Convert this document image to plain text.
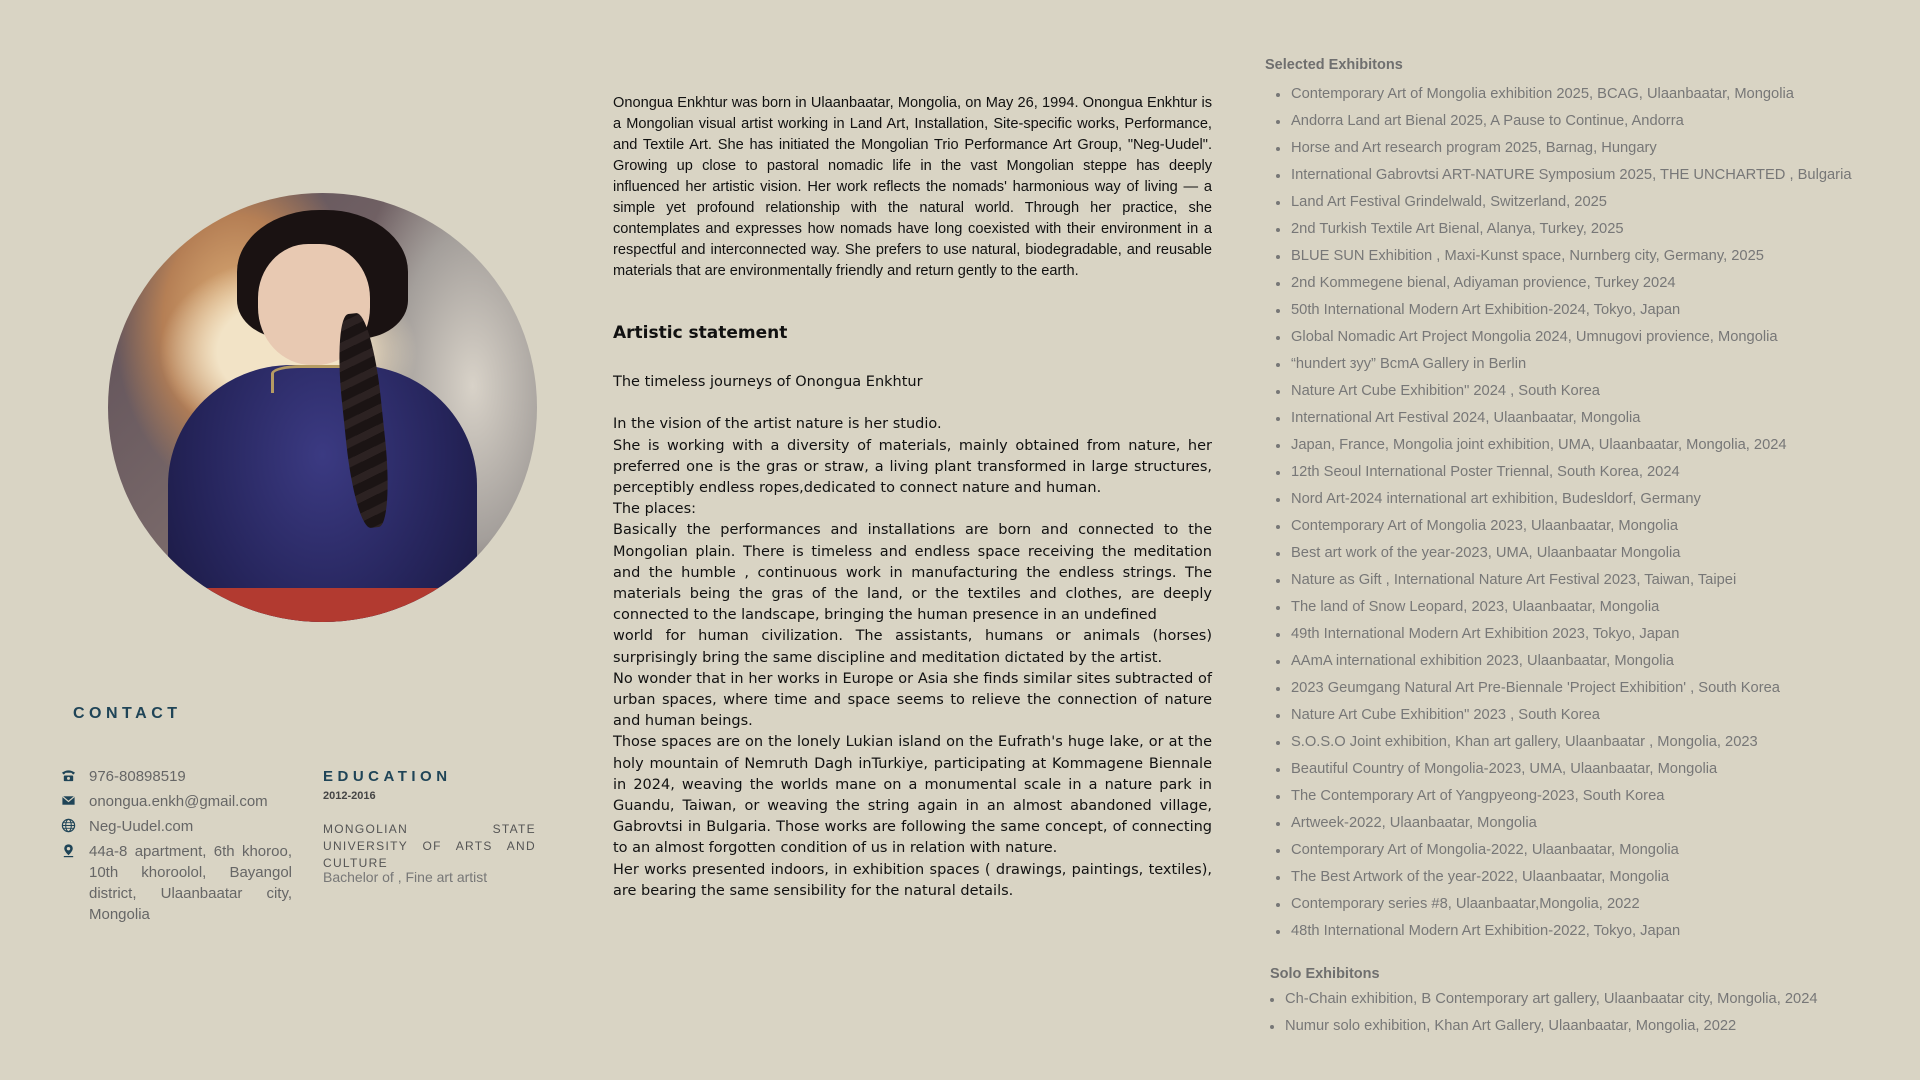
CONTACT
976-80898519
onongua.enkh@gmail.com
Neg-Uudel.com
44a-8 apartment, 6th khoroo, 10th khoroolol, Bayangol district, Ulaanbaatar city, Mongolia
EDUCATION
2012-2016
MONGOLIAN STATE UNIVERSITY OF ARTS AND CULTURE
Bachelor of , Fine art artist
Onongua Enkhtur was born in Ulaanbaatar, Mongolia, on May 26, 1994. Onongua Enkhtur is a Mongolian visual artist working in Land Art, Installation, Site-specific works, Performance, and Textile Art. She has initiated the Mongolian Trio Performance Art Group, "Neg-Uudel". Growing up close to pastoral nomadic life in the vast Mongolian steppe has deeply influenced her artistic vision. Her work reflects the nomads' harmonious way of living — a simple yet profound relationship with the natural world. Through her practice, she contemplates and expresses how nomads have long coexisted with their environment in a respectful and interconnected way. She prefers to use natural, biodegradable, and reusable materials that are environmentally friendly and return gently to the earth.
Artistic statement

The timeless journeys of Onongua Enkhtur

In the vision of the artist nature is her studio.

She is working with a diversity of materials, mainly obtained from nature, her preferred one is the gras or straw, a living plant transformed in large structures, perceptibly endless ropes,dedicated to connect nature and human.

The places:

Basically the performances and installations are born and connected to the Mongolian plain. There is timeless and endless space receiving the meditation and the humble , continuous work in manufacturing the endless strings. The materials being the gras of the land, or the textiles and clothes, are deeply connected to the landscape, bringing the human presence in an undefined

world for human civilization. The assistants, humans or animals (horses) surprisingly bring the same discipline and meditation dictated by the artist.

No wonder that in her works in Europe or Asia she finds similar sites subtracted of urban spaces, where time and space seems to relieve the connection of nature and human beings.

Those spaces are on the lonely Lukian island on the Eufrath's huge lake, or at the holy mountain of Nemruth Dagh inTurkiye, participating at Kommagene Biennale in 2024, weaving the worlds mane on a monumental scale in a nature park in Guandu, Taiwan, or weaving the string again in an almost abandoned village, Gabrovtsi in Bulgaria. Those works are following the same concept, of connecting to an almost forgotten condition of us in relation with nature.

Her works presented indoors, in exhibition spaces ( drawings, paintings, textiles), are bearing the same sensibility for the natural details.

Selected Exhibitons
Contemporary Art of Mongolia exhibition 2025, BCAG, Ulaanbaatar, Mongolia
Andorra Land art Bienal 2025, A Pause to Continue, Andorra
Horse and Art research program 2025, Barnag, Hungary
International Gabrovtsi ART-NATURE Symposium 2025, THE UNCHARTED , Bulgaria
Land Art Festival Grindelwald, Switzerland, 2025
2nd Turkish Textile Art Bienal, Alanya, Turkey, 2025
BLUE SUN Exhibition , Maxi-Kunst space, Nurnberg city, Germany, 2025
2nd Kommegene bienal, Adiyaman provience, Turkey 2024
50th International Modern Art Exhibition-2024, Tokyo, Japan
Global Nomadic Art Project Mongolia 2024, Umnugovi provience, Mongolia
“hundert зуу” BcmA Gallery in Berlin
Nature Art Cube Exhibition" 2024 , South Korea
International Art Festival 2024, Ulaanbaatar, Mongolia
Japan, France, Mongolia joint exhibition, UMA, Ulaanbaatar, Mongolia, 2024
12th Seoul International Poster Triennal, South Korea, 2024
Nord Art-2024 international art exhibition, Budesldorf, Germany
Contemporary Art of Mongolia 2023, Ulaanbaatar, Mongolia
Best art work of the year-2023, UMA, Ulaanbaatar Mongolia
Nature as Gift , International Nature Art Festival 2023, Taiwan, Taipei
The land of Snow Leopard, 2023, Ulaanbaatar, Mongolia
49th International Modern Art Exhibition 2023, Tokyo, Japan
AAmA international exhibition 2023, Ulaanbaatar, Mongolia
2023 Geumgang Natural Art Pre-Biennale 'Project Exhibition' , South Korea
Nature Art Cube Exhibition" 2023 , South Korea
S.O.S.O Joint exhibition, Khan art gallery, Ulaanbaatar , Mongolia, 2023
Beautiful Country of Mongolia-2023, UMA, Ulaanbaatar, Mongolia
The Contemporary Art of Yangpyeong-2023, South Korea
Artweek-2022, Ulaanbaatar, Mongolia
Contemporary Art of Mongolia-2022, Ulaanbaatar, Mongolia
The Best Artwork of the year-2022, Ulaanbaatar, Mongolia
Contemporary series #8, Ulaanbaatar,Mongolia, 2022
48th International Modern Art Exhibition-2022, Tokyo, Japan
Solo Exhibitons
Ch-Chain exhibition, B Contemporary art gallery, Ulaanbaatar city, Mongolia, 2024
Numur solo exhibition, Khan Art Gallery, Ulaanbaatar, Mongolia, 2022
